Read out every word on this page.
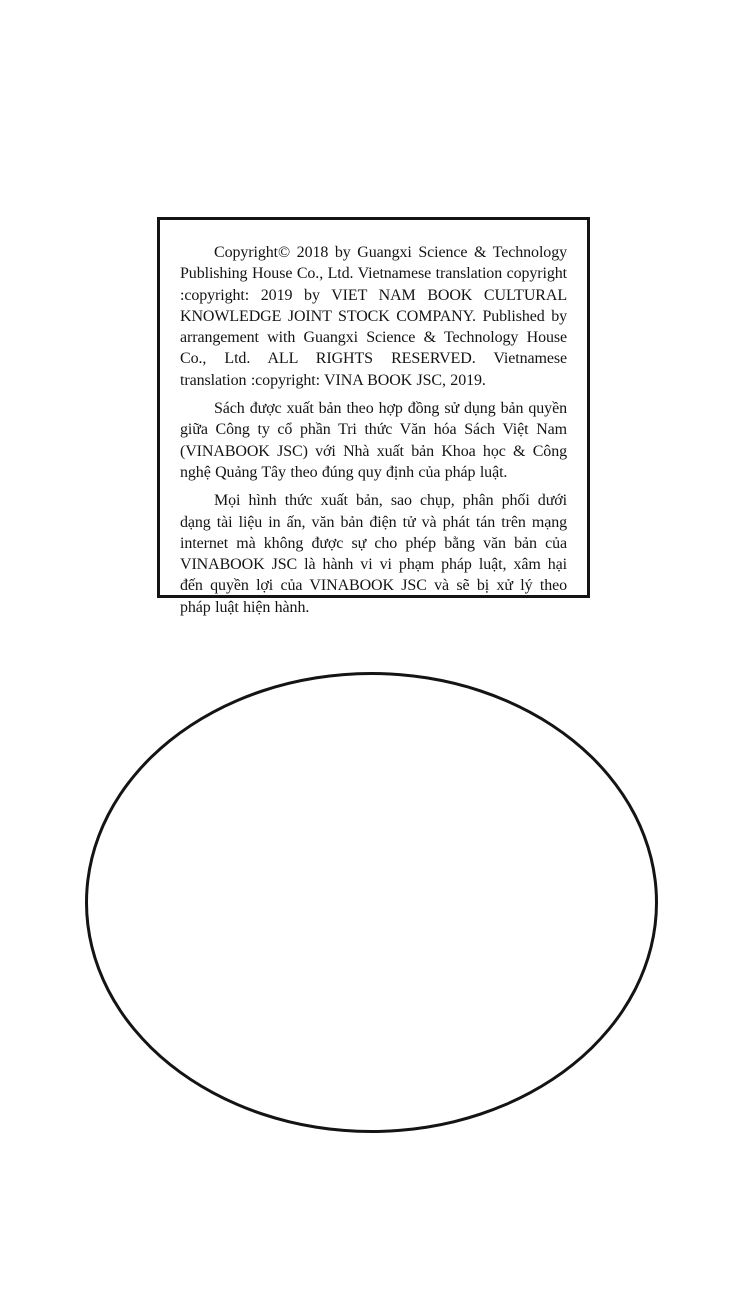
Copyright© 2018 by Guangxi Science & Technology Publishing House Co., Ltd. Vietnamese translation copyright :copyright: 2019 by VIET NAM BOOK CULTURAL KNOWLEDGE JOINT STOCK COMPANY. Published by arrangement with Guangxi Science & Technology House Co., Ltd. ALL RIGHTS RESERVED. Vietnamese translation :copyright: VINA BOOK JSC, 2019.

Sách được xuất bản theo hợp đồng sử dụng bản quyền giữa Công ty cổ phần Tri thức Văn hóa Sách Việt Nam (VINABOOK JSC) với Nhà xuất bản Khoa học & Công nghệ Quảng Tây theo đúng quy định của pháp luật.

Mọi hình thức xuất bản, sao chụp, phân phối dưới dạng tài liệu in ấn, văn bản điện tử và phát tán trên mạng internet mà không được sự cho phép bằng văn bản của VINABOOK JSC là hành vi vi phạm pháp luật, xâm hại đến quyền lợi của VINABOOK JSC và sẽ bị xử lý theo pháp luật hiện hành.
